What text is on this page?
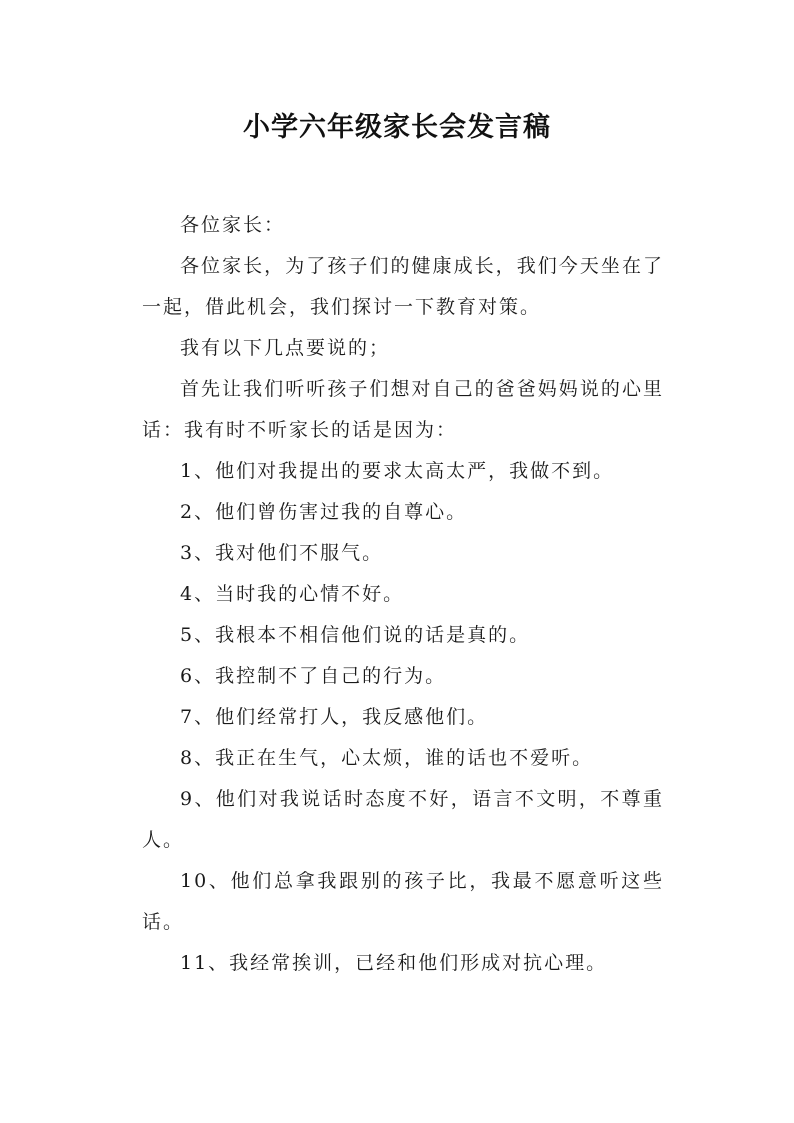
小学六年级家长会发言稿

各位家长：

各位家长，为了孩子们的健康成长，我们今天坐在了一起，借此机会，我们探讨一下教育对策。

我有以下几点要说的；

首先让我们听听孩子们想对自己的爸爸妈妈说的心里话：我有时不听家长的话是因为：

1、他们对我提出的要求太高太严，我做不到。

2、他们曾伤害过我的自尊心。

3、我对他们不服气。

4、当时我的心情不好。

5、我根本不相信他们说的话是真的。

6、我控制不了自己的行为。

7、他们经常打人，我反感他们。

8、我正在生气，心太烦，谁的话也不爱听。

9、他们对我说话时态度不好，语言不文明，不尊重人。

10、他们总拿我跟别的孩子比，我最不愿意听这些话。

11、我经常挨训，已经和他们形成对抗心理。
